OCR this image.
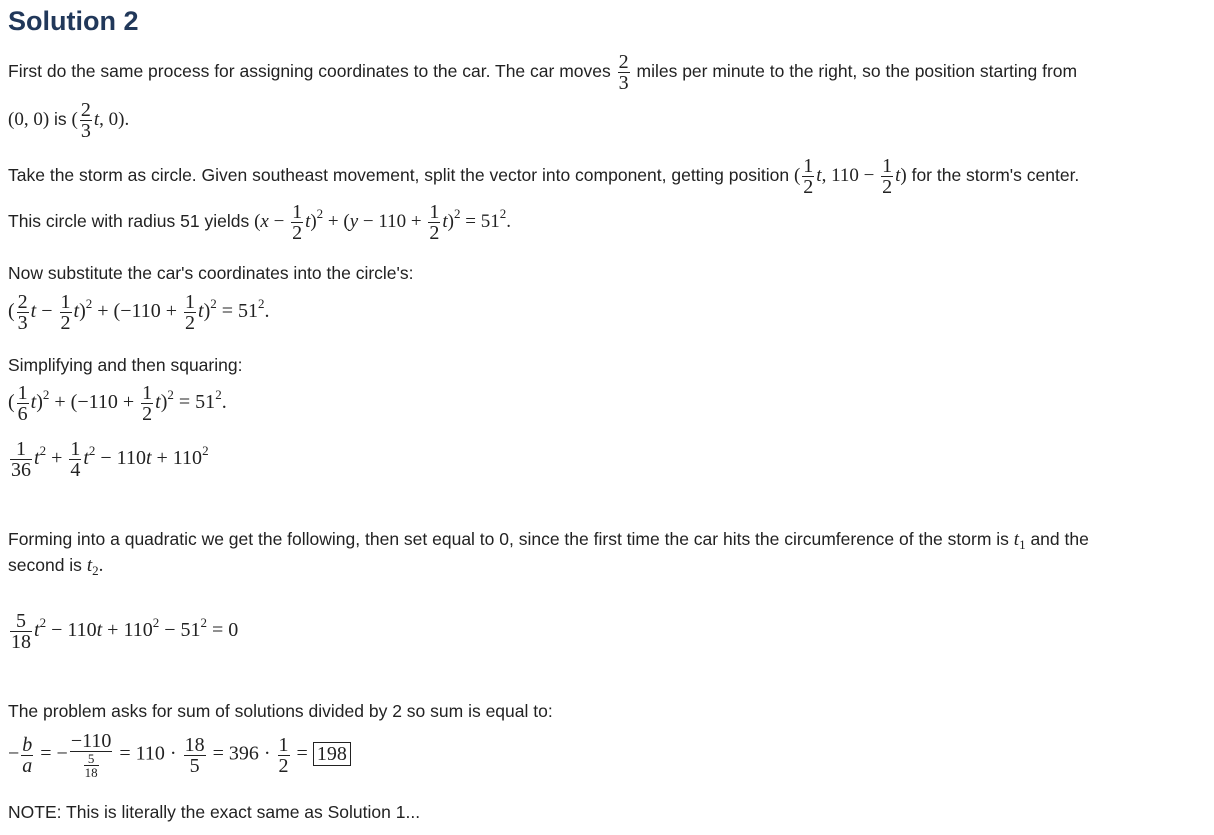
Solution 2
First do the same process for assigning coordinates to the car. The car moves $\frac{2}{3}$ miles per minute to the right, so the position starting from
(0, 0) is ( $\frac{2}{3} t$, 0).
Take the storm as circle. Given southeast movement, split the vector into component, getting position ( $\frac{1}{2} t$, $110 - \frac{1}{2} t$) for the storm's center.
This circle with radius 51 yields $(x - \frac{1}{2} t)^2 + (y - 110 + \frac{1}{2} t)^2 = 51^2$.
Now substitute the car's coordinates into the circle's:
( $\frac{2}{3}$ $t - \frac{1}{2} t)^2 + (-110 + \frac{1}{2} t)^2 = 51^2$.
Simplifying and then squaring:
( $\frac{1}{6} t)^2 + (-110 + \frac{1}{2} t)^2 = 51^2$.
$\frac{1}{36} t^2 + \frac{1}{4} t^2 - 110t + 110^2$
Forming into a quadratic we get the following, then set equal to 0, since the first time the car hits the circumference of the storm is $t_1$ and the
second is $t_2$.
$\frac{5}{18} t^2 - 110t + 110^2 - 51^2 = 0$
The problem asks for sum of solutions divided by 2 so sum is equal to:
− $\frac{b}{a}$ = − $\frac{-110}{\frac{5}{18}} = 110 \cdot \frac{18}{5} = 396 \cdot \frac{1}{2} = 198$
NOTE: This is literally the exact same as Solution 1...
